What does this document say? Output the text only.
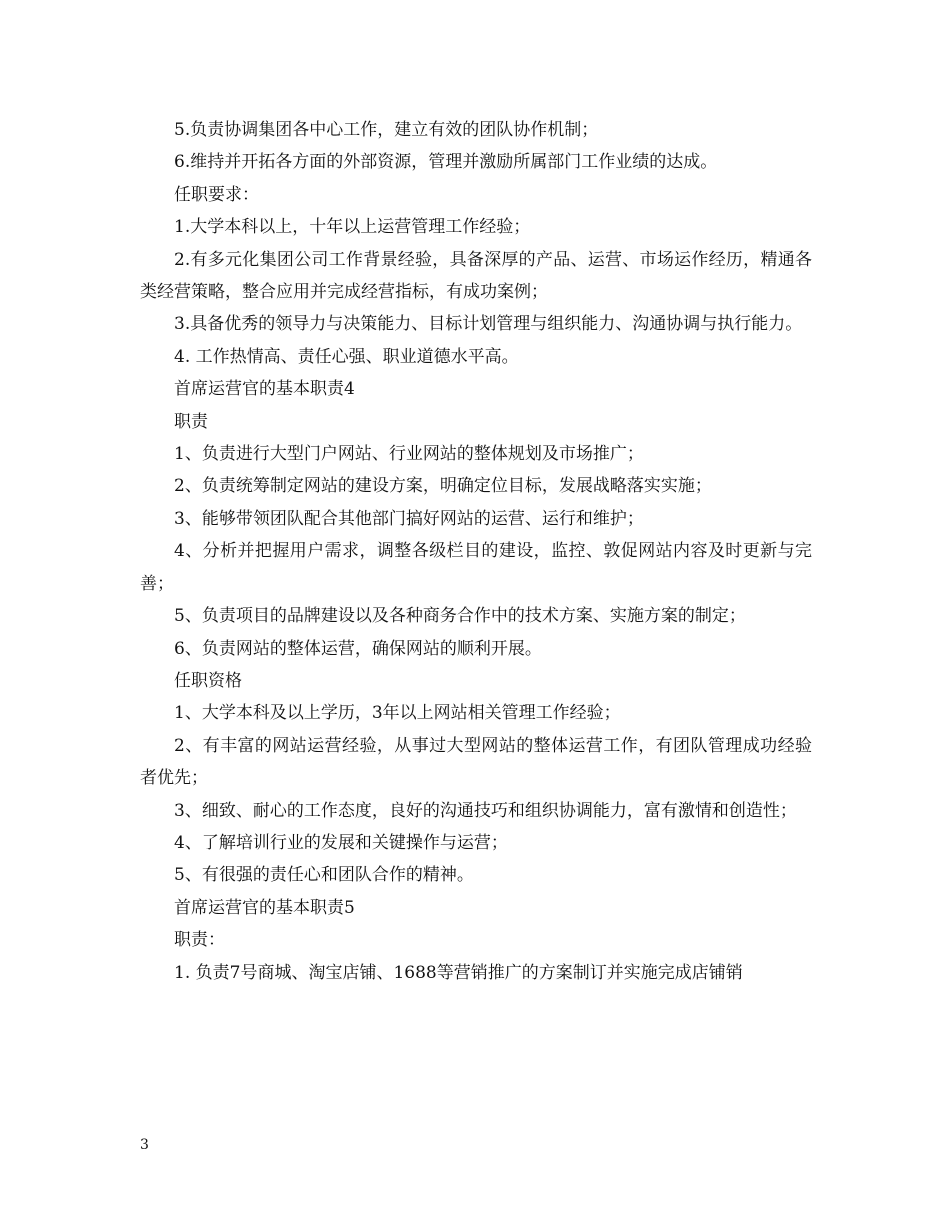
5.负责协调集团各中心工作，建立有效的团队协作机制；

6.维持并开拓各方面的外部资源，管理并激励所属部门工作业绩的达成。

任职要求：

1.大学本科以上，十年以上运营管理工作经验；

2.有多元化集团公司工作背景经验，具备深厚的产品、运营、市场运作经历，精通各类经营策略，整合应用并完成经营指标，有成功案例；

3.具备优秀的领导力与决策能力、目标计划管理与组织能力、沟通协调与执行能力。

4. 工作热情高、责任心强、职业道德水平高。

首席运营官的基本职责4

职责

1、负责进行大型门户网站、行业网站的整体规划及市场推广；

2、负责统筹制定网站的建设方案，明确定位目标，发展战略落实实施；

3、能够带领团队配合其他部门搞好网站的运营、运行和维护；

4、分析并把握用户需求，调整各级栏目的建设，监控、敦促网站内容及时更新与完善；

5、负责项目的品牌建设以及各种商务合作中的技术方案、实施方案的制定；

6、负责网站的整体运营，确保网站的顺利开展。

任职资格

1、大学本科及以上学历，3年以上网站相关管理工作经验；

2、有丰富的网站运营经验，从事过大型网站的整体运营工作，有团队管理成功经验者优先；

3、细致、耐心的工作态度，良好的沟通技巧和组织协调能力，富有激情和创造性；

4、了解培训行业的发展和关键操作与运营；

5、有很强的责任心和团队合作的精神。

首席运营官的基本职责5

职责：

1. 负责7号商城、淘宝店铺、1688等营销推广的方案制订并实施完成店铺销

3
